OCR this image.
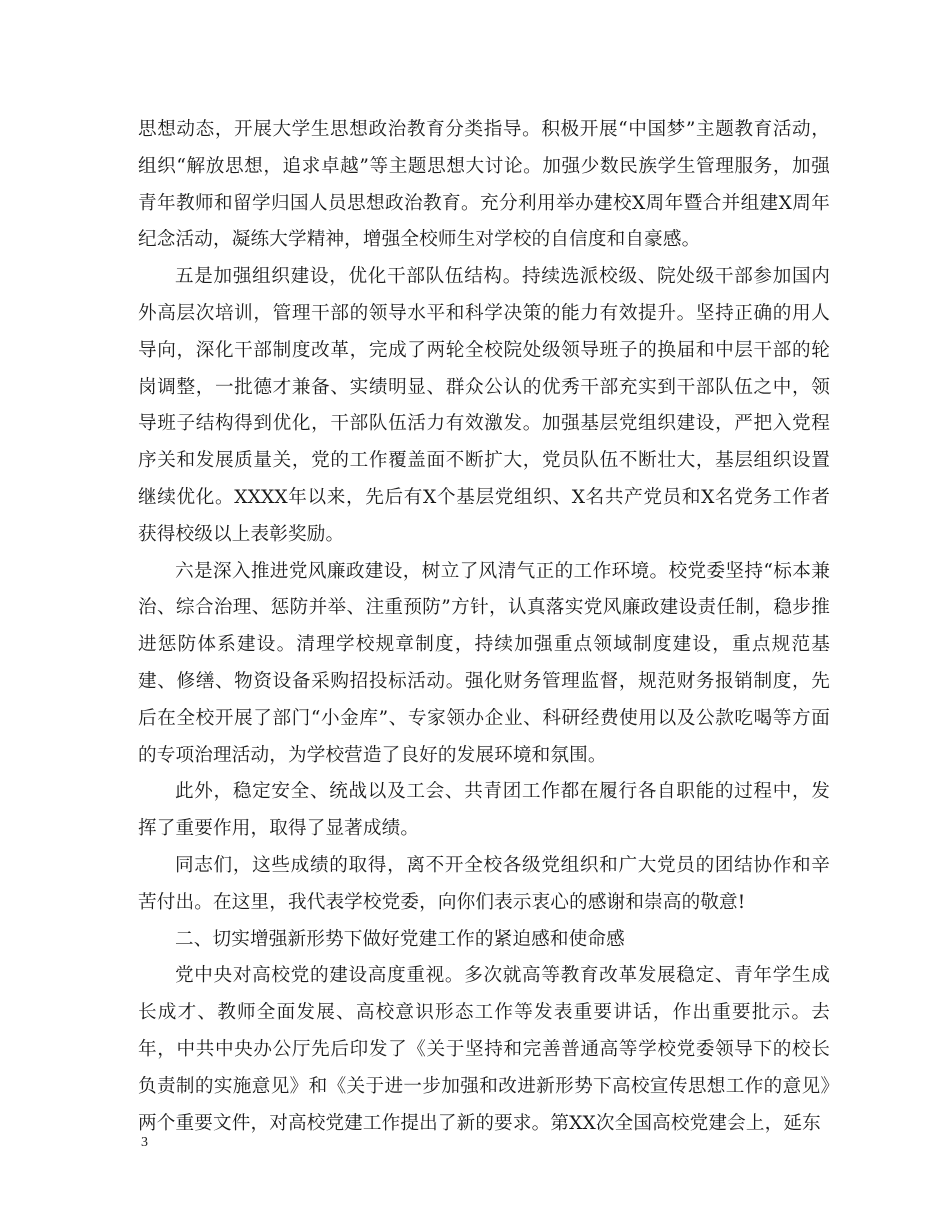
思想动态，开展大学生思想政治教育分类指导。积极开展“中国梦”主题教育活动，组织“解放思想，追求卓越”等主题思想大讨论。加强少数民族学生管理服务，加强青年教师和留学归国人员思想政治教育。充分利用举办建校X周年暨合并组建X周年纪念活动，凝练大学精神，增强全校师生对学校的自信度和自豪感。

五是加强组织建设，优化干部队伍结构。持续选派校级、院处级干部参加国内外高层次培训，管理干部的领导水平和科学决策的能力有效提升。坚持正确的用人导向，深化干部制度改革，完成了两轮全校院处级领导班子的换届和中层干部的轮岗调整，一批德才兼备、实绩明显、群众公认的优秀干部充实到干部队伍之中，领导班子结构得到优化，干部队伍活力有效激发。加强基层党组织建设，严把入党程序关和发展质量关，党的工作覆盖面不断扩大，党员队伍不断壮大，基层组织设置继续优化。XXXX年以来，先后有X个基层党组织、X名共产党员和X名党务工作者获得校级以上表彰奖励。

六是深入推进党风廉政建设，树立了风清气正的工作环境。校党委坚持“标本兼治、综合治理、惩防并举、注重预防”方针，认真落实党风廉政建设责任制，稳步推进惩防体系建设。清理学校规章制度，持续加强重点领域制度建设，重点规范基建、修缮、物资设备采购招投标活动。强化财务管理监督，规范财务报销制度，先后在全校开展了部门“小金库”、专家领办企业、科研经费使用以及公款吃喝等方面的专项治理活动，为学校营造了良好的发展环境和氛围。

此外，稳定安全、统战以及工会、共青团工作都在履行各自职能的过程中，发挥了重要作用，取得了显著成绩。

同志们，这些成绩的取得，离不开全校各级党组织和广大党员的团结协作和辛苦付出。在这里，我代表学校党委，向你们表示衷心的感谢和崇高的敬意!

二、切实增强新形势下做好党建工作的紧迫感和使命感

党中央对高校党的建设高度重视。多次就高等教育改革发展稳定、青年学生成长成才、教师全面发展、高校意识形态工作等发表重要讲话，作出重要批示。去年，中共中央办公厅先后印发了《关于坚持和完善普通高等学校党委领导下的校长负责制的实施意见》和《关于进一步加强和改进新形势下高校宣传思想工作的意见》两个重要文件，对高校党建工作提出了新的要求。第XX次全国高校党建会上，延东

3
